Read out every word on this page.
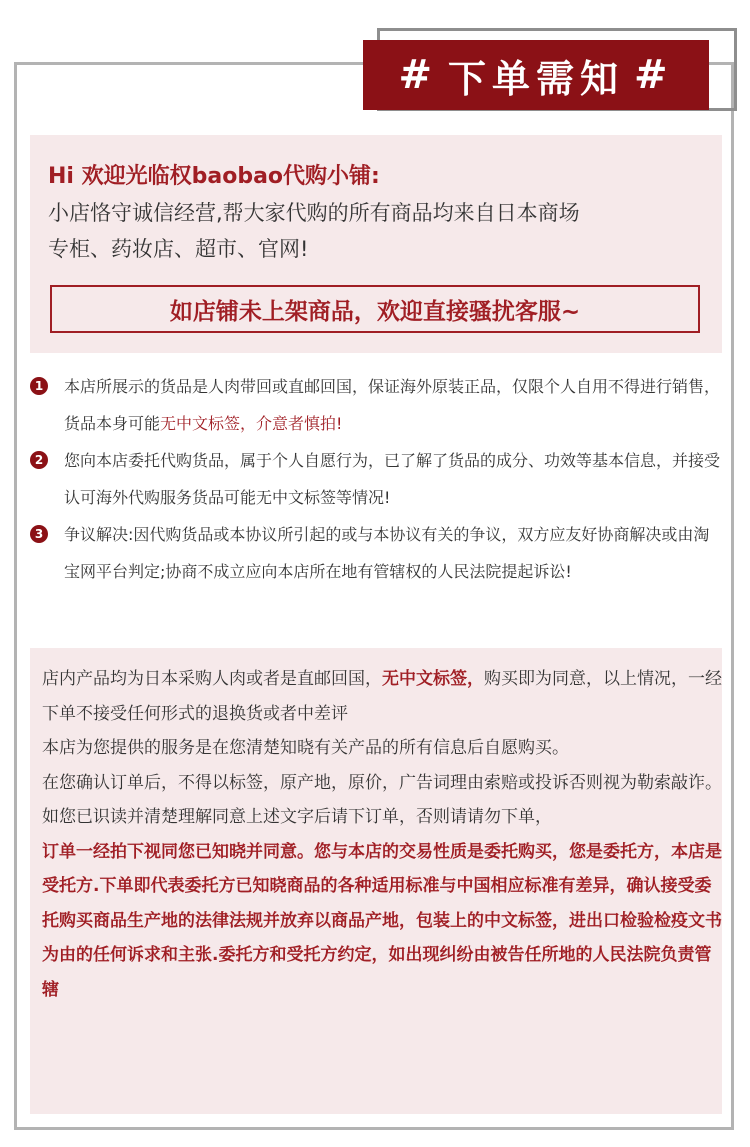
# 下单需知 #
Hi 欢迎光临权baobao代购小铺:
小店恪守诚信经营,帮大家代购的所有商品均来自日本商场
专柜、药妆店、超市、官网!
如店铺未上架商品，欢迎直接骚扰客服~
1	本店所展示的货品是人肉带回或直邮回国，保证海外原装正品，仅限个人自用不得进行销售，货品本身可能无中文标签，介意者慎拍!
2	您向本店委托代购货品，属于个人自愿行为，已了解了货品的成分、功效等基本信息，并接受认可海外代购服务货品可能无中文标签等情况!
3	争议解决:因代购货品或本协议所引起的或与本协议有关的争议，双方应友好协商解决或由淘宝网平台判定;协商不成立应向本店所在地有管辖权的人民法院提起诉讼!
店内产品均为日本采购人肉或者是直邮回国，无中文标签，购买即为同意，以上情况，一经下单不接受任何形式的退换货或者中差评
本店为您提供的服务是在您清楚知晓有关产品的所有信息后自愿购买。
在您确认订单后，不得以标签，原产地，原价，广告词理由索赔或投诉否则视为勒索敲诈。
如您已识读并清楚理解同意上述文字后请下订单，否则请请勿下单，
订单一经拍下视同您已知晓并同意。您与本店的交易性质是委托购买，您是委托方，本店是受托方.下单即代表委托方已知晓商品的各种适用标准与中国相应标准有差异，确认接受委托购买商品生产地的法律法规并放弃以商品产地，包装上的中文标签，进出口检验检疫文书为由的任何诉求和主张.委托方和受托方约定，如出现纠纷由被告任所地的人民法院负责管辖
